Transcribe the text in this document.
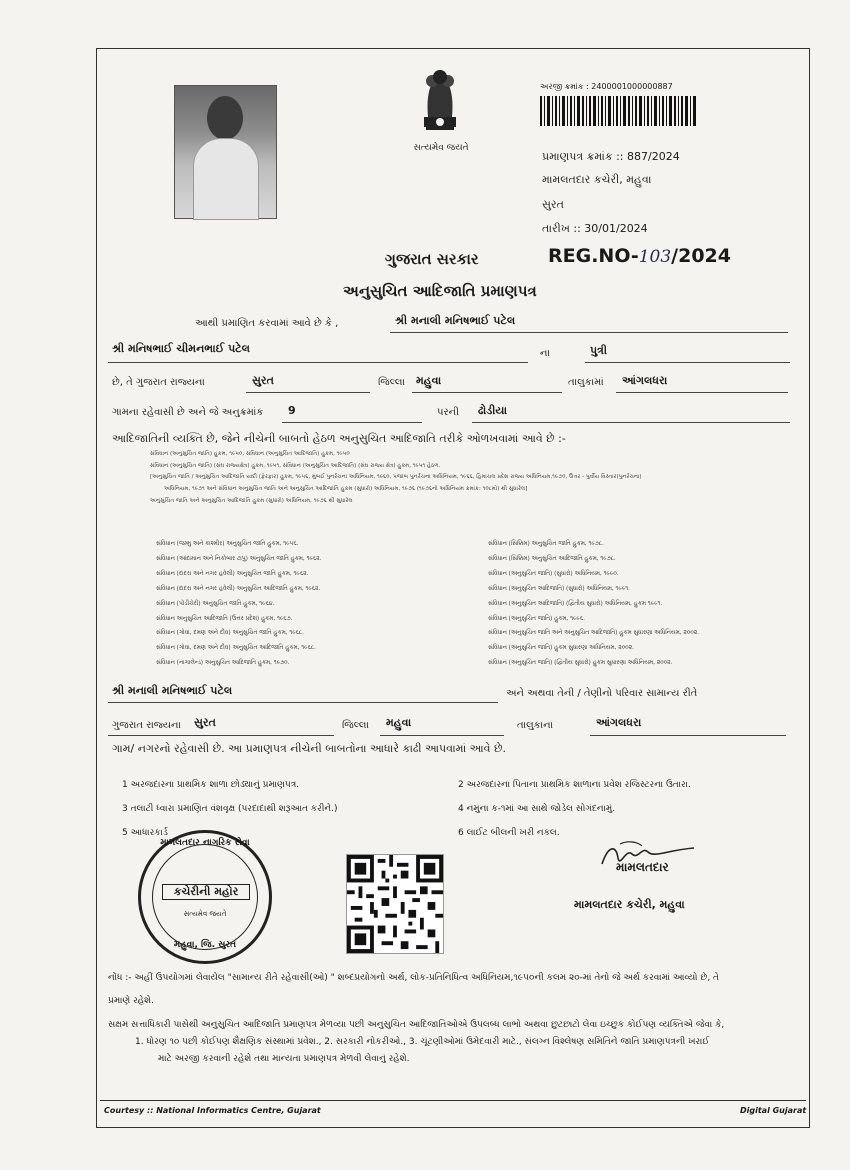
સત્યમેવ જયતે
અરજી ક્રમાંક : 2400001000000887
પ્રમાણપત્ર ક્રમાંક :: 887/2024
મામલતદાર કચેરી, મહુવા
સુરત
તારીખ :: 30/01/2024
REG.NO-103/2024
ગુજરાત સરકાર
અનુસુચિત આદિજાતિ પ્રમાણપત્ર
આથી પ્રમાણિત કરવામાં આવે છે કે ,	શ્રી મનાલી મનિષભાઈ પટેલ
શ્રી મનિષભાઈ ચીમનભાઈ પટેલ	ના	પુત્રી
છે, તે ગુજરાત રાજ્યના	સુરત	જિલ્લા મહુવા	તાલુકામાં આંગલધરા
ગામના રહેવાસી છે અને જે અનુક્રમાંક 9	પરની ઢોડીયા
આદિજાતિની વ્યક્તિ છે, જેને નીચેની બાબતો હેઠળ અનુસુચિત આદિજાતિ તરીકે ઓળખવામાં આવે છે :-
સંવિધાન (અનુસુચિત જાતિ) હુકમ, ૧૯૫૦, સંવિધાન (અનુસુચિત આદિજાતિ) હુકમ, ૧૯૫૦
સંવિધાન (અનુસુચિત જાતિ) (સંઘ રાજ્યક્ષેત્ર) હુકમ, ૧૯૫૧, સંવિધાન (અનુસુચિત આદિજાતિ) (સંઘ રાજ્ય ક્ષેત્ર) હુકમ, ૧૯૫૧ હેઠળ.
[અનુસુચિત જાતિ / અનુસુચિત આદિજાતિ યાદી (ફેરફાર) હુકમ, ૧૯૫૬, મુંબઈ પુનર્રચના અધિનિયમ, ૧૯૬૦, પંજાબ પુનર્રચના અધિનિયમ, ૧૯૬૬, હિમાચલ પ્રદેશ રાજ્ય અધિનિયમ,૧૯૭૦, ઉત્તર - પુર્વીય વિસ્તાર(પુનર્રચના)
અધિનિયમ, ૧૯૭૧ અને સંવિધાન અનુસુચિત જાતિ અને અનુસુચિત આદિજાતિ હુકમ (સુધારો) અધિનિયમ, ૧૯૭૬ (૧૯૭૬નો અધિનિયમ ક્રમાંક: ૧૦૮મો) થી સુધારેલ]
અનુસુચિત જાતિ અને અનુસુચિત આદિજાતિ હુકમ (સુધારો) અધિનિયમ, ૧૯૭૬ થી સુધારેલ
સંવિધાન (જમ્મુ અને કાશ્મીર) અનુસુચિત જાતિ હુકમ, ૧૯૫૬.
સંવિધાન (આંદામાન અને નિકોબાર ટાપુ) અનુસુચિત જાતિ હુકમ, ૧૯૬૨.
સંવિધાન (દાદરા અને નગર હવેલી) અનુસુચિત જાતિ હુકમ, ૧૯૬૨.
સંવિધાન (દાદરા અને નગર હવેલી) અનુસુચિત આદિજાતિ હુકમ, ૧૯૬૨.
સંવિધાન (પોંડીચેરી) અનુસુચિત જાતિ હુકમ, ૧૯૬૪.
સંવિધાન અનુસુચિત આદિજાતિ (ઉત્તર પ્રદેશ) હુકમ, ૧૯૬૭.
સંવિધાન (ગોવા, દમણ અને દીવ) અનુસુચિત જાતિ હુકમ, ૧૯૬૮.
સંવિધાન (ગોવા, દમણ અને દીવ) અનુસુચિત આદિજાતિ હુકમ, ૧૯૬૮.
સંવિધાન (નાગાલેન્ડ) અનુસુચિત આદિજાતિ હુકમ, ૧૯૭૦.
સંવિધાન (સિક્કિમ) અનુસુચિત જાતિ હુકમ, ૧૯૭૮.
સંવિધાન (સિક્કિમ) અનુસુચિત આદિજાતિ હુકમ, ૧૯૭૮.
સંવિધાન (અનુસુચિત જાતિ) (સુધારો) અધિનિયમ, ૧૯૯૦.
સંવિધાન (અનુસુચિત આદિજાતિ) (સુધારો) અધિનિયમ, ૧૯૯૧.
સંવિધાન (અનુસુચિત આદિજાતિ) (દ્વિતીય સુધારો) અધિનિયમ, હુકમ ૧૯૯૧.
સંવિધાન (અનુસુચિત જાતિ) હુકમ, ૧૯૯૬.
સંવિધાન (અનુસુચિત જાતિ અને અનુસુચિત આદિજાતિ) હુકમ સુધારણા અધિનિયમ, ૨૦૦૨.
સંવિધાન (અનુસુચિત જાતિ) હુકમ સુધારણા અધિનિયમ, ૨૦૦૨.
સંવિધાન (અનુસુચિત જાતિ) (દ્વિતીય સુધારો) હુકમ સુધારણા અધિનિયમ, ૨૦૦૨.
શ્રી મનાલી મનિષભાઈ પટેલ	અને અથવા તેની / તેણીનો પરિવાર સામાન્ય રીતે
ગુજરાત રાજ્યના સુરત	જિલ્લા મહુવા	તાલુકાના	આંગલધરા
ગામ/ નગરનો રહેવાસી છે. આ પ્રમાણપત્ર નીચેની બાબતોના આધારે કાઢી આપવામાં આવે છે.
1 અરજદારના પ્રાથમિક શાળા છોડ્યાનું પ્રમાણપત્ર.
3 તલાટી ધ્વારા પ્રમાણિત વંશવૃક્ષ (પરદાદાથી શરૂઆત કરીને.)
5 આધારકાર્ડ
2 અરજદારના પિતાના પ્રાથમિક શાળાના પ્રવેશ રજિસ્ટરના ઉતારા.
4 નમુના ક-૧માં આ સાથે જોડેલ સોગંદનામું.
6 લાઈટ બીલની ખરી નકલ.
મામલતદાર નાગરિક સેવા
કચેરીની મહોર
સત્યમેવ જયતે
મહુવા, જિ. સુરત
મામલતદાર
મામલતદાર કચેરી, મહુવા
નોંધ :- અહીં ઉપયોગમાં લેવાયેલ "સામાન્ય રીતે રહેવાસી(ઓ) " શબ્દપ્રયોગનો અર્થ, લોક-પ્રતિનિધિત્વ અધિનિયમ,૧૯૫૦ની કલમ ૨૦-માં તેનો જે અર્થ કરવામાં આવ્યો છે, તે
પ્રમાણે રહેશે.
સક્ષમ સત્તાધિકારી પાસેથી અનુસુચિત આદિજાતિ પ્રમાણપત્ર મેળવ્યા પછી અનુસુચિત આદિજાતિઓએ ઉપલબ્ધ લાભો અથવા છુટછાટો લેવા ઇચ્છુક કોઈપણ વ્યક્તિએ જેવા કે,
1. ધોરણ ૧૦ પછી કોઈપણ શૈક્ષણિક સંસ્થામાં પ્રવેશ., 2. સરકારી નોકરીઓ., 3. ચૂંટણીઓમાં ઉમેદવારી માટે., સંલગ્ન વિશ્લેષણ સમિતિને જાતિ પ્રમાણપત્રની ખરાઈ
માટે અરજી કરવાની રહેશે તથા માન્યતા પ્રમાણપત્ર મેળવી લેવાનું રહેશે.
Courtesy :: National Informatics Centre, Gujarat	Digital Gujarat
